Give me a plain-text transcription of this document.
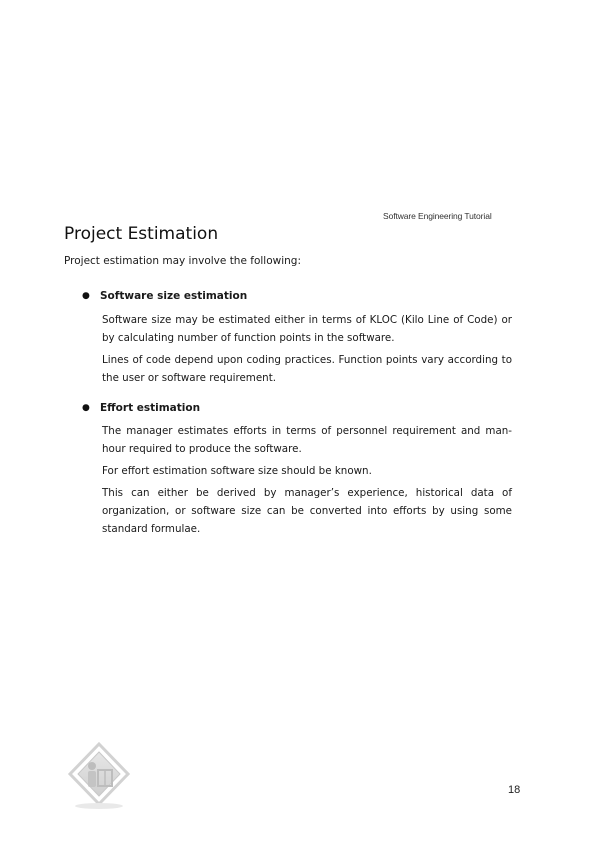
Software Engineering Tutorial
Project Estimation

Project estimation may involve the following:

● Software size estimation

Software size may be estimated either in terms of KLOC (Kilo Line of Code) or by calculating number of function points in the software.

Lines of code depend upon coding practices. Function points vary according to the user or software requirement.

● Effort estimation

The manager estimates efforts in terms of personnel requirement and man-hour required to produce the software.

For effort estimation software size should be known.

This can either be derived by manager’s experience, historical data of organization, or software size can be converted into efforts by using some standard formulae.

18
